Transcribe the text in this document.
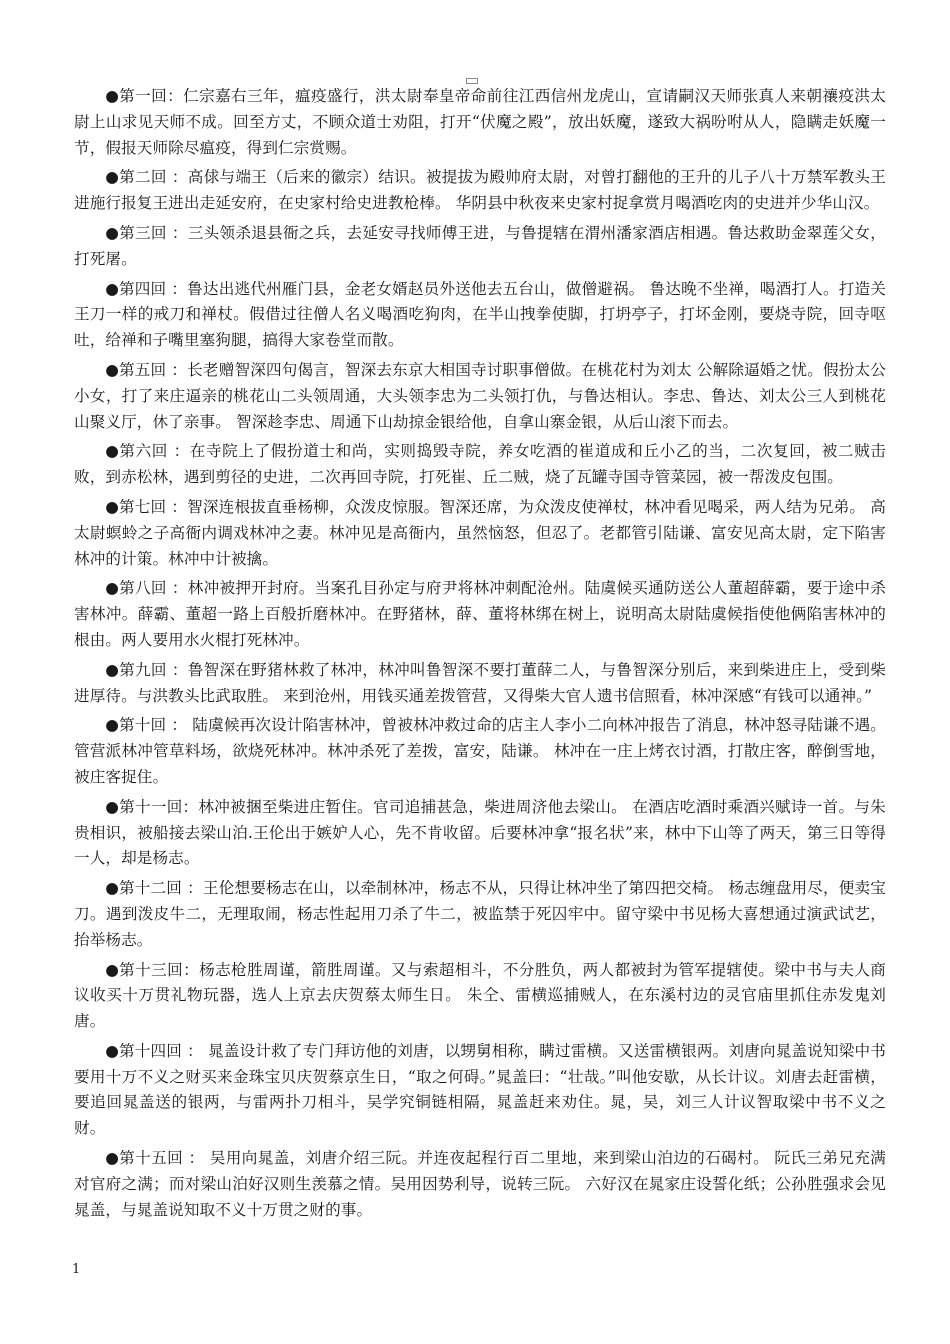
●第一回：仁宗嘉右三年，瘟疫盛行，洪太尉奉皇帝命前往江西信州龙虎山，宣请嗣汉天师张真人来朝禳疫洪太尉上山求见天师不成。回至方丈，不顾众道士劝阻，打开“伏魔之殿”，放出妖魔，遂致大祸吩咐从人，隐瞒走妖魔一节，假报天师除尽瘟疫，得到仁宗赏赐。

●第二回 ：高俅与端王（后来的徽宗）结识。被提拔为殿帅府太尉，对曾打翻他的王升的儿子八十万禁军教头王进施行报复王进出走延安府，在史家村给史进教枪棒。 华阴县中秋夜来史家村捉拿赏月喝酒吃肉的史进并少华山汉。

●第三回 ：三头领杀退县衙之兵，去延安寻找师傅王进，与鲁提辖在渭州潘家酒店相遇。鲁达救助金翠莲父女，打死屠。

●第四回 ：鲁达出逃代州雁门县，金老女婿赵员外送他去五台山，做僧避祸。 鲁达晚不坐禅，喝酒打人。打造关王刀一样的戒刀和禅杖。假借过往僧人名义喝酒吃狗肉，在半山拽拳使脚，打坍亭子，打坏金刚，要烧寺院，回寺呕吐，给禅和子嘴里塞狗腿，搞得大家卷堂而散。

●第五回 ：长老赠智深四句偈言，智深去东京大相国寺讨职事僧做。在桃花村为刘太 公解除逼婚之忧。假扮太公小女，打了来庄逼亲的桃花山二头领周通，大头领李忠为二头领打仇，与鲁达相认。李忠、鲁达、刘太公三人到桃花山聚义厅，休了亲事。 智深趁李忠、周通下山劫掠金银给他，自拿山寨金银，从后山滚下而去。

●第六回 ：在寺院上了假扮道士和尚，实则捣毁寺院，养女吃酒的崔道成和丘小乙的当，二次复回，被二贼击败，到赤松林，遇到剪径的史进，二次再回寺院，打死崔、丘二贼，烧了瓦罐寺国寺管菜园，被一帮泼皮包围。

●第七回 ：智深连根拔直垂杨柳，众泼皮惊服。智深还席，为众泼皮使禅杖，林冲看见喝采，两人结为兄弟。 高太尉螟蛉之子高衙内调戏林冲之妻。林冲见是高衙内，虽然恼怒，但忍了。老都管引陆谦、富安见高太尉，定下陷害林冲的计策。林冲中计被擒。

●第八回 ：林冲被押开封府。当案孔目孙定与府尹将林冲刺配沧州。陆虞候买通防送公人董超薛霸，要于途中杀害林冲。薛霸、董超一路上百般折磨林冲。在野猪林，薛、董将林绑在树上，说明高太尉陆虞候指使他俩陷害林冲的根由。两人要用水火棍打死林冲。

●第九回 ：鲁智深在野猪林救了林冲，林冲叫鲁智深不要打董薛二人，与鲁智深分别后，来到柴进庄上，受到柴进厚待。与洪教头比武取胜。 来到沧州，用钱买通差拨管营，又得柴大官人遗书信照看，林冲深感“有钱可以通神。”

●第十回 ： 陆虞候再次设计陷害林冲，曾被林冲救过命的店主人李小二向林冲报告了消息，林冲怒寻陆谦不遇。 管营派林冲管草料场，欲烧死林冲。林冲杀死了差拨，富安，陆谦。 林冲在一庄上烤衣讨酒，打散庄客，醉倒雪地，被庄客捉住。

●第十一回：林冲被捆至柴进庄暂住。官司追捕甚急，柴进周济他去梁山。 在酒店吃酒时乘酒兴赋诗一首。与朱贵相识，被船接去梁山泊.王伦出于嫉妒人心，先不肯收留。后要林冲拿“报名状”来，林中下山等了两天，第三日等得一人，却是杨志。

●第十二回 ：王伦想要杨志在山，以牵制林冲，杨志不从，只得让林冲坐了第四把交椅。 杨志缠盘用尽，便卖宝刀。遇到泼皮牛二，无理取闹，杨志性起用刀杀了牛二，被监禁于死囚牢中。留守梁中书见杨大喜想通过演武试艺，抬举杨志。

●第十三回：杨志枪胜周谨，箭胜周谨。又与索超相斗，不分胜负，两人都被封为管军提辖使。梁中书与夫人商议收买十万贯礼物玩器，选人上京去庆贺蔡太师生日。 朱仝、雷横巡捕贼人，在东溪村边的灵官庙里抓住赤发鬼刘唐。

●第十四回 ： 晁盖设计救了专门拜访他的刘唐，以甥舅相称，瞒过雷横。又送雷横银两。刘唐向晁盖说知梁中书要用十万不义之财买来金珠宝贝庆贺蔡京生日，“取之何碍。”晁盖曰：“壮哉。”叫他安歇，从长计议。刘唐去赶雷横，要追回晁盖送的银两，与雷两扑刀相斗，吴学究铜链相隔，晁盖赶来劝住。晁，吴，刘三人计议智取梁中书不义之财。

●第十五回 ： 吴用向晁盖，刘唐介绍三阮。并连夜起程行百二里地，来到梁山泊边的石碣村。 阮氏三弟兄充满对官府之满；而对梁山泊好汉则生羡慕之情。吴用因势利导，说转三阮。 六好汉在晁家庄设誓化纸；公孙胜强求会见晁盖，与晁盖说知取不义十万贯之财的事。

1
